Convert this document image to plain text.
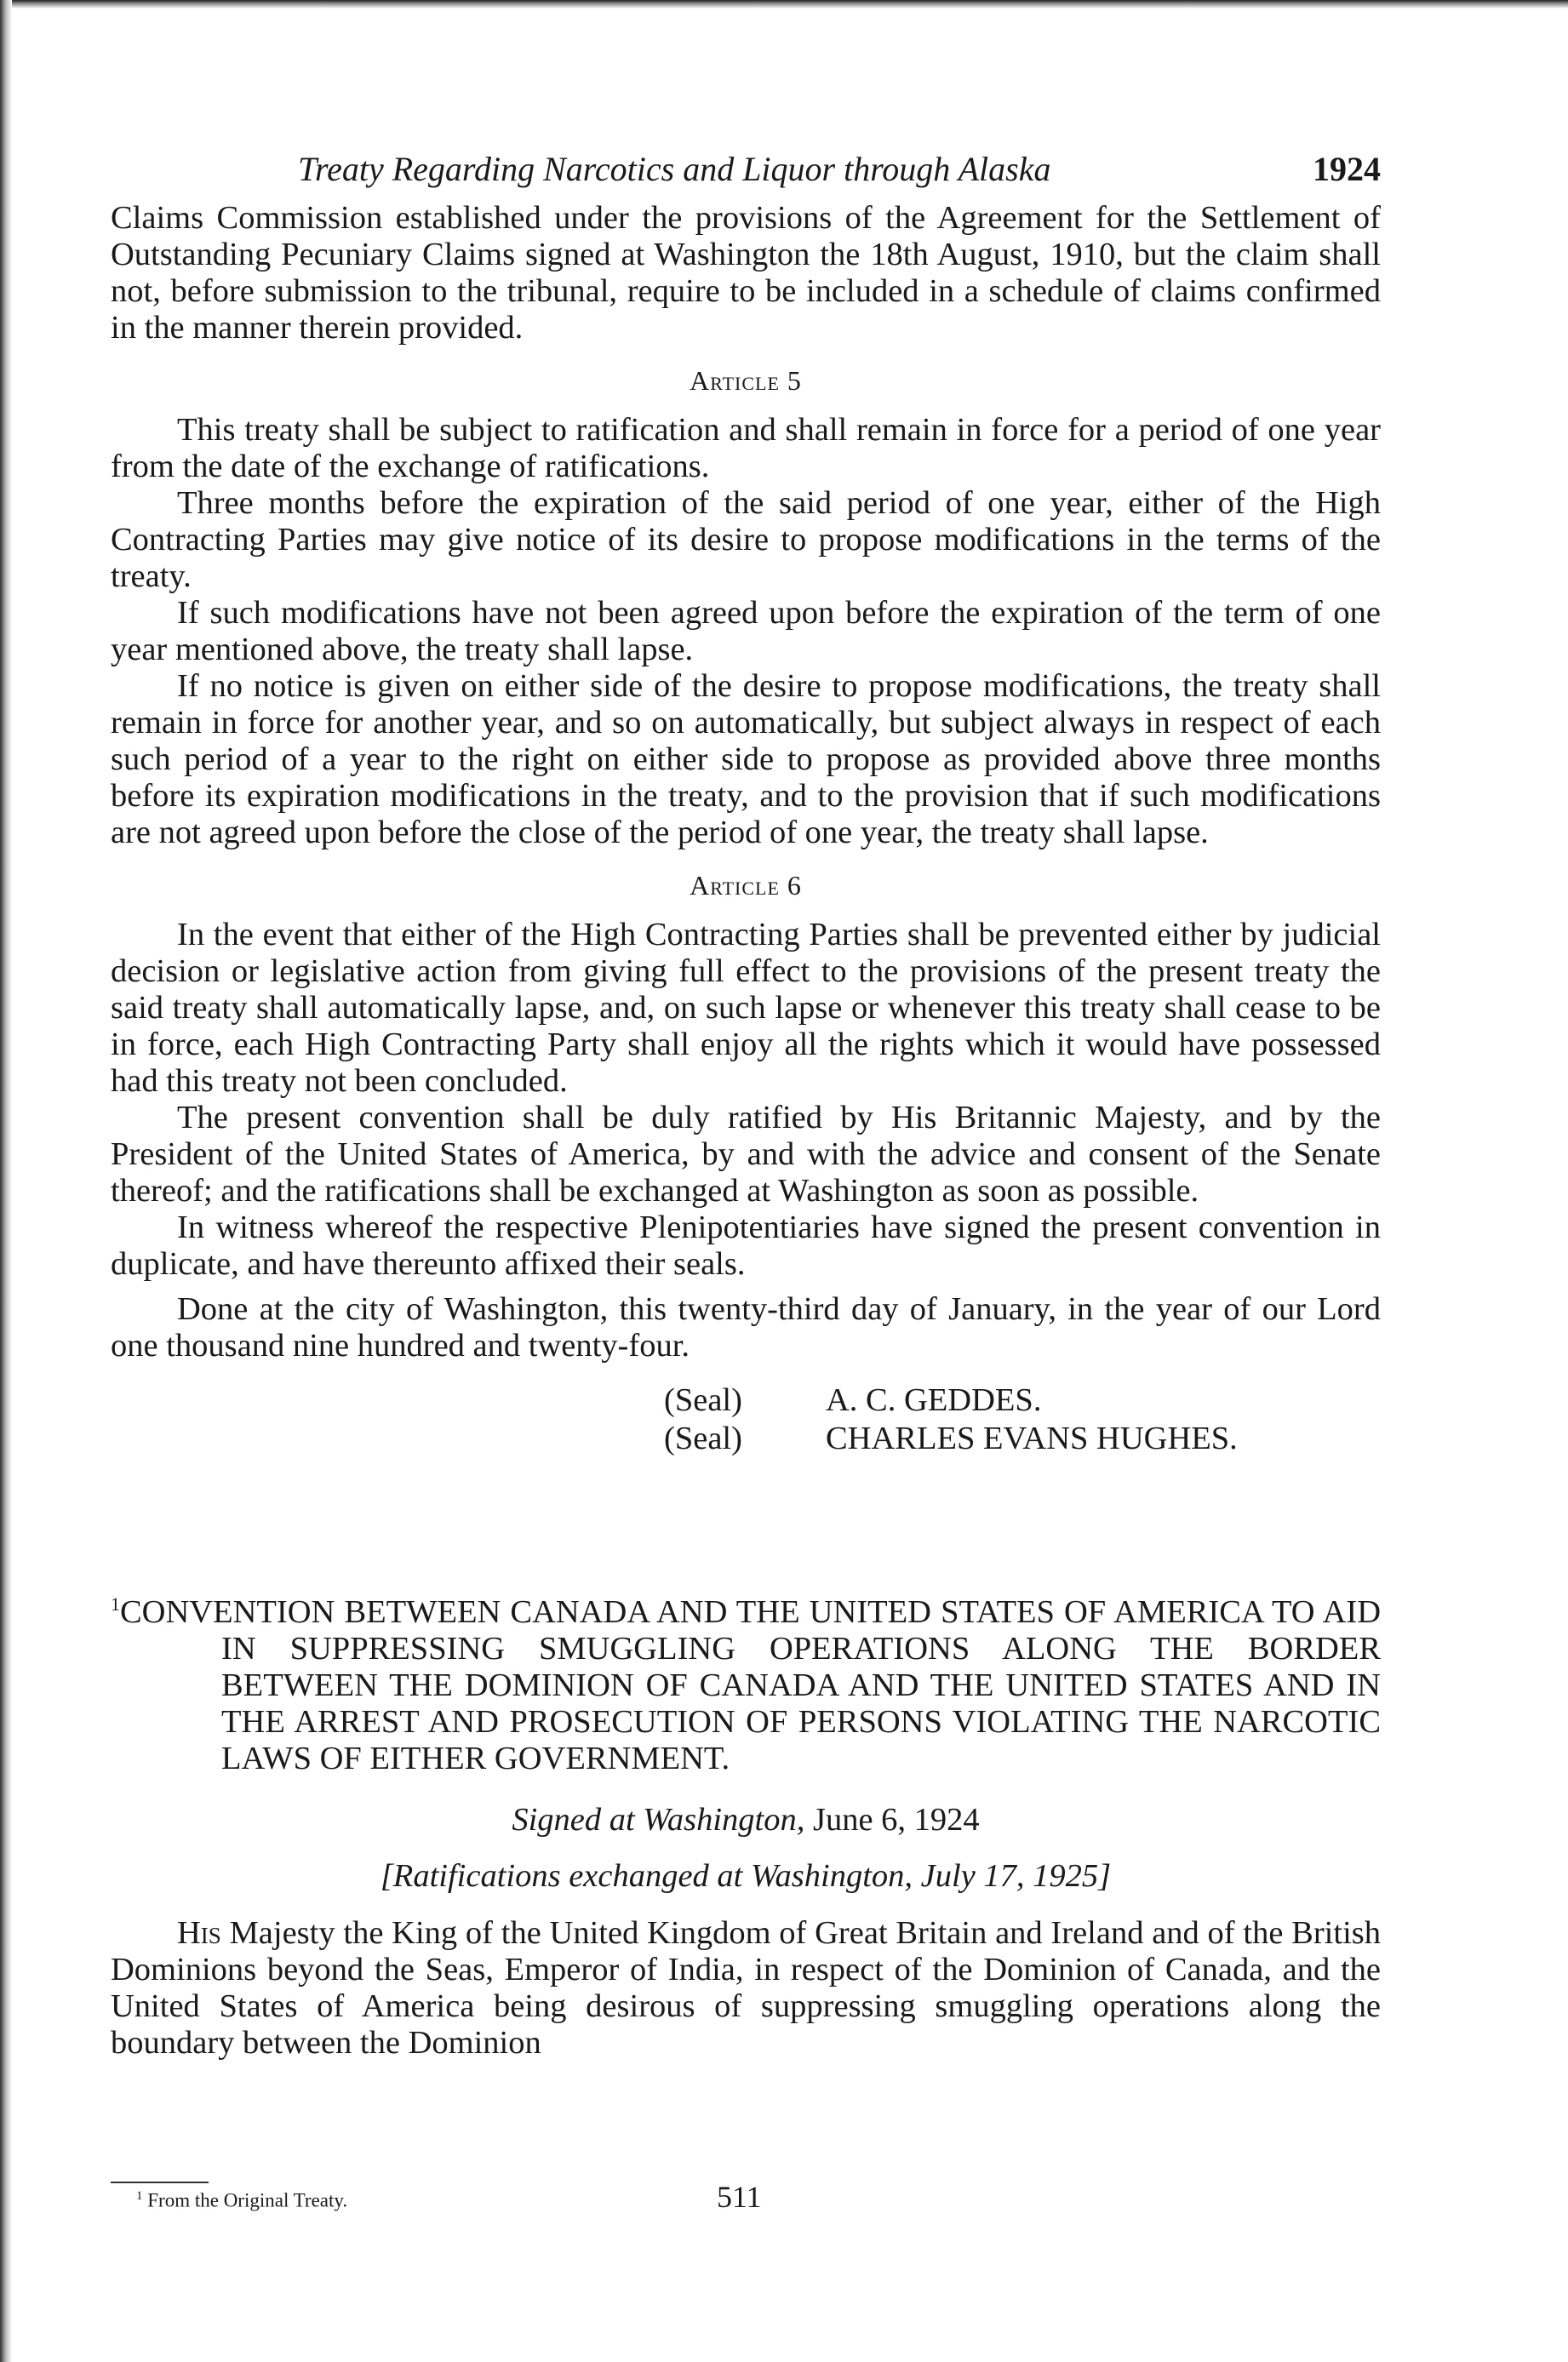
Treaty Regarding Narcotics and Liquor through Alaska	1924

Claims Commission established under the provisions of the Agreement for the Settlement of Outstanding Pecuniary Claims signed at Washington the 18th August, 1910, but the claim shall not, before submission to the tribunal, require to be included in a schedule of claims confirmed in the manner therein provided.

Article 5

This treaty shall be subject to ratification and shall remain in force for a period of one year from the date of the exchange of ratifications.

Three months before the expiration of the said period of one year, either of the High Contracting Parties may give notice of its desire to propose modifications in the terms of the treaty.

If such modifications have not been agreed upon before the expiration of the term of one year mentioned above, the treaty shall lapse.

If no notice is given on either side of the desire to propose modifications, the treaty shall remain in force for another year, and so on automatically, but subject always in respect of each such period of a year to the right on either side to propose as provided above three months before its expiration modifications in the treaty, and to the provision that if such modifications are not agreed upon before the close of the period of one year, the treaty shall lapse.

Article 6

In the event that either of the High Contracting Parties shall be prevented either by judicial decision or legislative action from giving full effect to the provisions of the present treaty the said treaty shall automatically lapse, and, on such lapse or whenever this treaty shall cease to be in force, each High Contracting Party shall enjoy all the rights which it would have possessed had this treaty not been concluded.

The present convention shall be duly ratified by His Britannic Majesty, and by the President of the United States of America, by and with the advice and consent of the Senate thereof; and the ratifications shall be exchanged at Washington as soon as possible.

In witness whereof the respective Plenipotentiaries have signed the present convention in duplicate, and have thereunto affixed their seals.

Done at the city of Washington, this twenty-third day of January, in the year of our Lord one thousand nine hundred and twenty-four.

(Seal)	A. C. GEDDES.
(Seal)	CHARLES EVANS HUGHES.
$^1$CONVENTION BETWEEN CANADA AND THE UNITED STATES OF AMERICA TO AID IN SUPPRESSING SMUGGLING OPERATIONS ALONG THE BORDER BETWEEN THE DOMINION OF CANADA AND THE UNITED STATES AND IN THE ARREST AND PROSECUTION OF PERSONS VIOLATING THE NARCOTIC LAWS OF EITHER GOVERNMENT.
Signed at Washington, June 6, 1924
[Ratifications exchanged at Washington, July 17, 1925]

His Majesty the King of the United Kingdom of Great Britain and Ireland and of the British Dominions beyond the Seas, Emperor of India, in respect of the Dominion of Canada, and the United States of America being desirous of suppressing smuggling operations along the boundary between the Dominion

$^1$ From the Original Treaty.	511
